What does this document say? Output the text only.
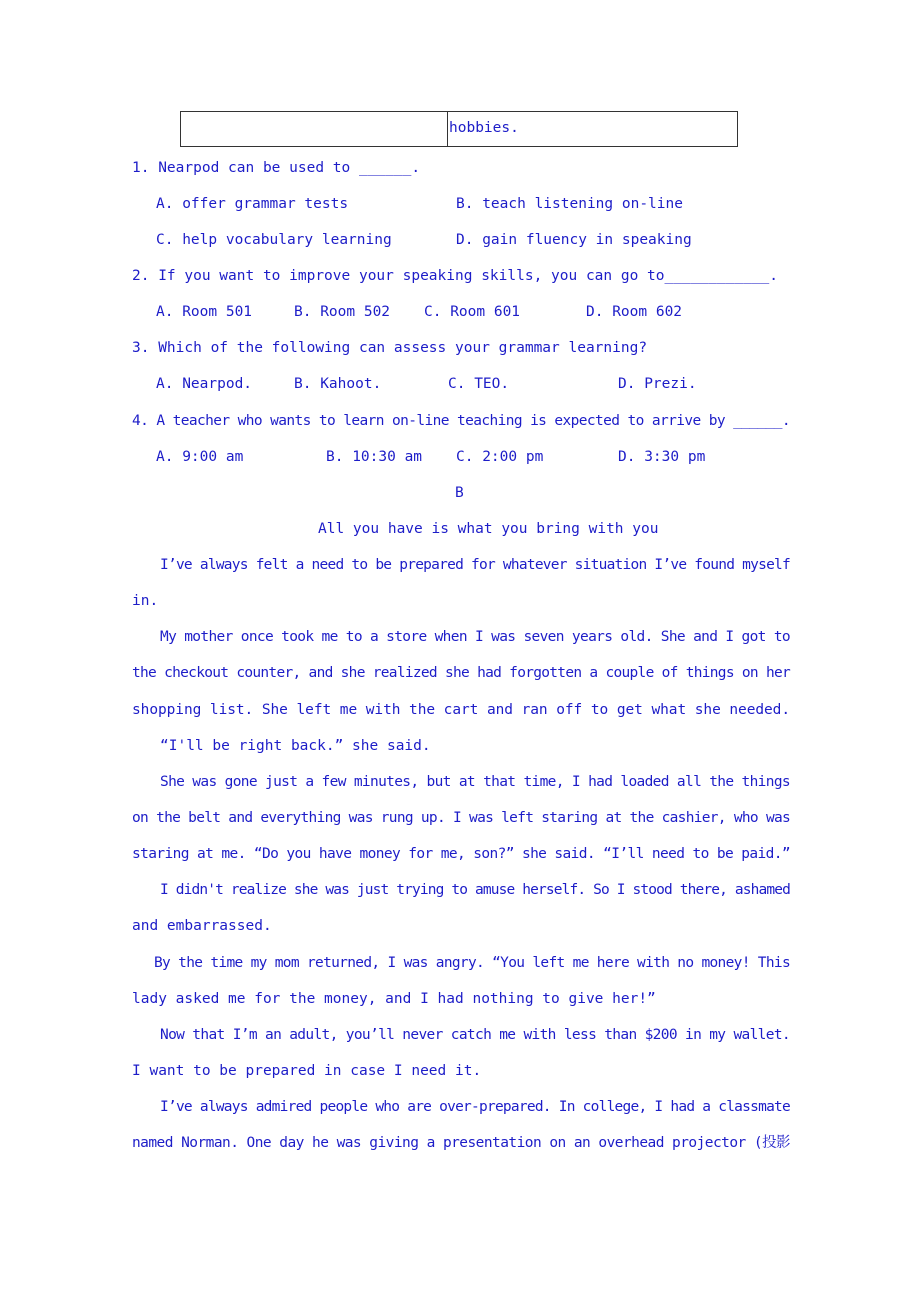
hobbies.
1. Nearpod can be used to ______.
A. offer grammar tests	B. teach listening on-line
C. help vocabulary learning	D. gain fluency in speaking
2. If you want to improve your speaking skills, you can go to____________.
A. Room 501	B. Room 502 C. Room 601	D. Room 602
3. Which of the following can assess your grammar learning?
A. Nearpod.	B. Kahoot.	C. TEO.	D. Prezi.
4. A teacher who wants to learn on-line teaching is expected to arrive by ______.
A. 9:00 am	B. 10:30 am C. 2:00 pm	D. 3:30 pm
B
All you have is what you bring with you
I’ve always felt a need to be prepared for whatever situation I’ve found myself
in.
My mother once took me to a store when I was seven years old. She and I got to
the checkout counter, and she realized she had forgotten a couple of things on her
shopping list. She left me with the cart and ran off to get what she needed.
“I'll be right back.” she said.
She was gone just a few minutes, but at that time, I had loaded all the things
on the belt and everything was rung up. I was left staring at the cashier, who was
staring at me. “Do you have money for me, son?” she said. “I’ll need to be paid.”
I didn't realize she was just trying to amuse herself. So I stood there, ashamed
and embarrassed.
By the time my mom returned, I was angry. “You left me here with no money! This
lady asked me for the money, and I had nothing to give her!”
Now that I’m an adult, you’ll never catch me with less than $200 in my wallet.
I want to be prepared in case I need it.
I’ve always admired people who are over-prepared. In college, I had a classmate
named Norman. One day he was giving a presentation on an overhead projector (投影
